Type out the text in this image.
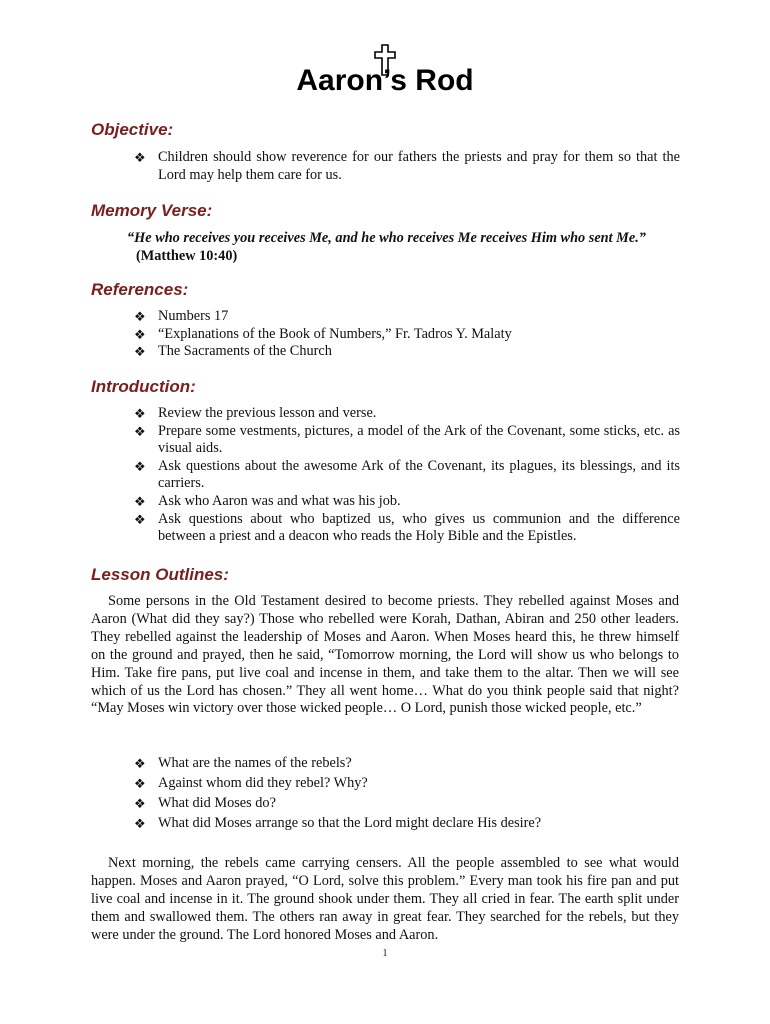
Aaron’s Rod
Objective:
❖ Children should show reverence for our fathers the priests and pray for them so that the Lord may help them care for us.
Memory Verse:
“He who receives you receives Me, and he who receives Me receives Him who sent Me.”
(Matthew 10:40)
References:
❖ Numbers 17
❖ “Explanations of the Book of Numbers,” Fr. Tadros Y. Malaty
❖ The Sacraments of the Church
Introduction:
❖ Review the previous lesson and verse.
❖ Prepare some vestments, pictures, a model of the Ark of the Covenant, some sticks, etc. as visual aids.
❖ Ask questions about the awesome Ark of the Covenant, its plagues, its blessings, and its carriers.
❖ Ask who Aaron was and what was his job.
❖ Ask questions about who baptized us, who gives us communion and the difference between a priest and a deacon who reads the Holy Bible and the Epistles.
Lesson Outlines:

Some persons in the Old Testament desired to become priests. They rebelled against Moses and Aaron (What did they say?) Those who rebelled were Korah, Dathan, Abiran and 250 other leaders. They rebelled against the leadership of Moses and Aaron. When Moses heard this, he threw himself on the ground and prayed, then he said, “Tomorrow morning, the Lord will show us who belongs to Him. Take fire pans, put live coal and incense in them, and take them to the altar. Then we will see which of us the Lord has chosen.” They all went home… What do you think people said that night? “May Moses win victory over those wicked people… O Lord, punish those wicked people, etc.”

❖ What are the names of the rebels?
❖ Against whom did they rebel? Why?
❖ What did Moses do?
❖ What did Moses arrange so that the Lord might declare His desire?

Next morning, the rebels came carrying censers. All the people assembled to see what would happen. Moses and Aaron prayed, “O Lord, solve this problem.” Every man took his fire pan and put live coal and incense in it. The ground shook under them. They all cried in fear. The earth split under them and swallowed them. The others ran away in great fear. They searched for the rebels, but they were under the ground. The Lord honored Moses and Aaron.

1
